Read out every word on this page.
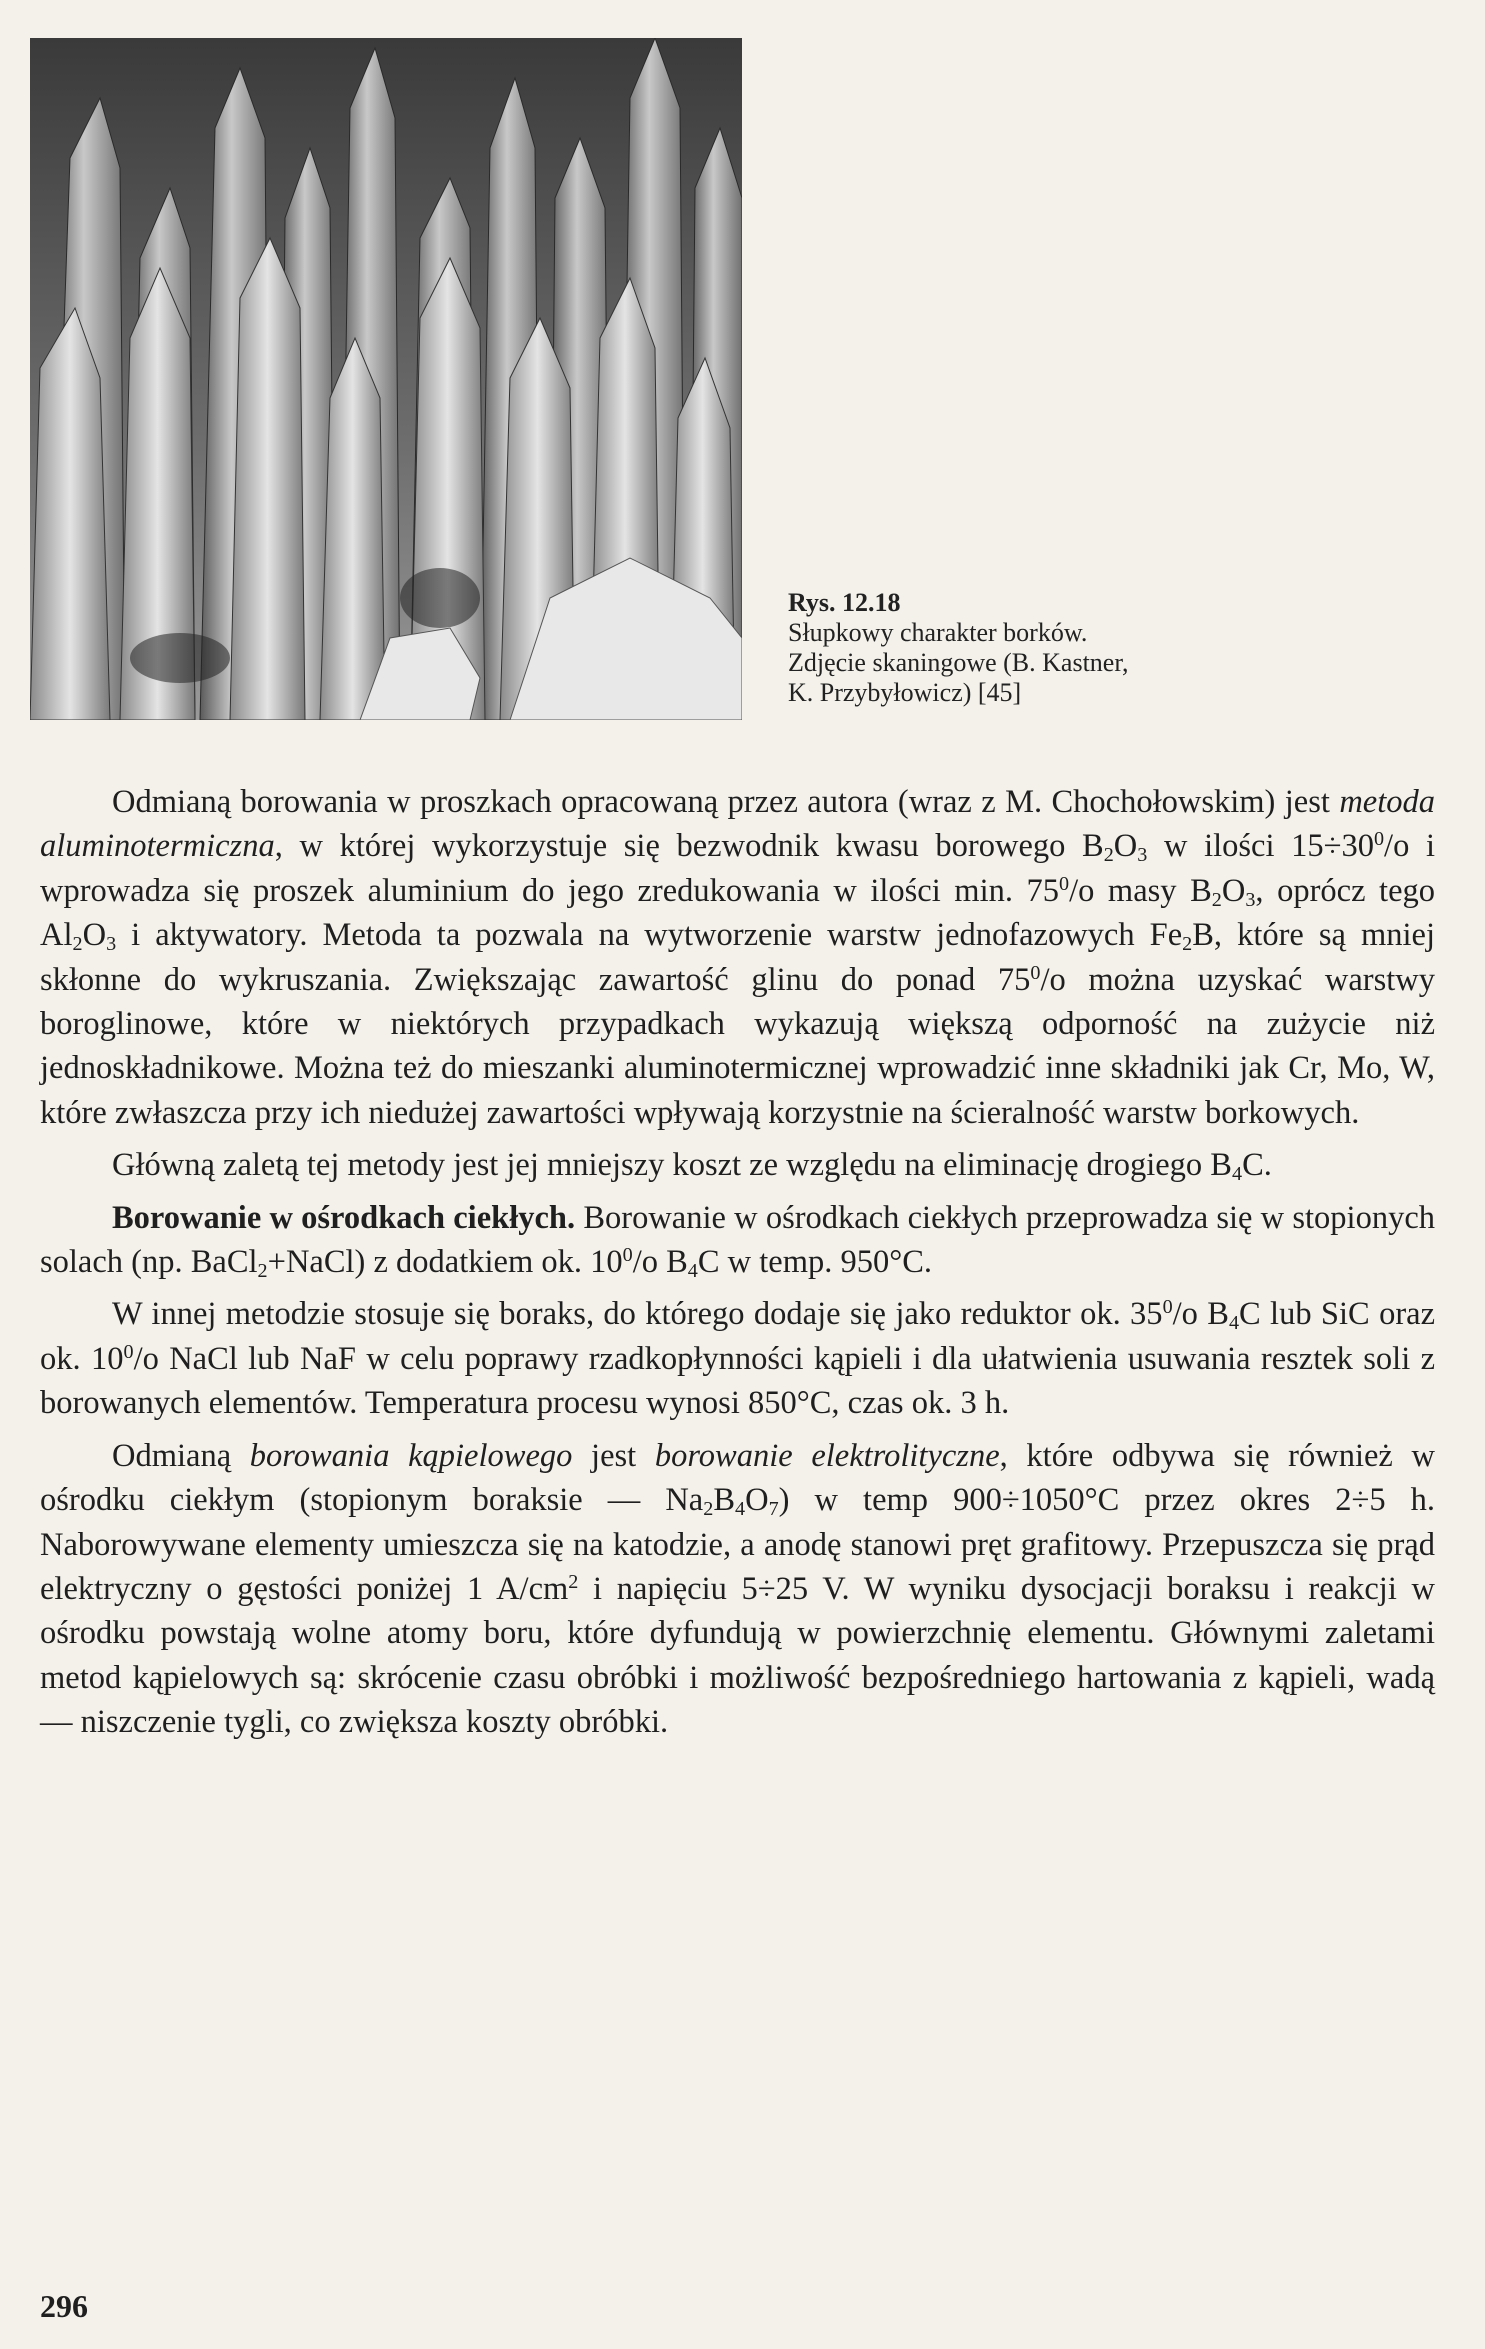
Rys. 12.18
Słupkowy charakter borków.
Zdjęcie skaningowe (B. Kastner,
K. Przybyłowicz) [45]

Odmianą borowania w proszkach opracowaną przez autora (wraz z M. Chochołowskim) jest metoda aluminotermiczna, w której wykorzystuje się bezwodnik kwasu borowego $B_2O_3$ w ilości $15\div 30^0/o$ i wprowadza się proszek aluminium do jego zredukowania w ilości min. $75^0/o$ masy $B_2O_3$, oprócz tego $Al_2O_3$ i aktywatory. Metoda ta pozwala na wytworzenie warstw jednofazowych $Fe_2B$, które są mniej skłonne do wykruszania. Zwiększając zawartość glinu do ponad $75^0/o$ można uzyskać warstwy boroglinowe, które w niektórych przypadkach wykazują większą odporność na zużycie niż jednoskładnikowe. Można też do mieszanki aluminotermicznej wprowadzić inne składniki jak Cr, Mo, W, które zwłaszcza przy ich niedużej zawartości wpływają korzystnie na ścieralność warstw borkowych.

Główną zaletą tej metody jest jej mniejszy koszt ze względu na eliminację drogiego $B_4C$.

Borowanie w ośrodkach ciekłych. Borowanie w ośrodkach ciekłych przeprowadza się w stopionych solach (np. BaCl$_2$+NaCl) z dodatkiem ok. $10^0/o$ $B_4C$ w temp. 950°C.

W innej metodzie stosuje się boraks, do którego dodaje się jako reduktor ok. $35^0/o$ $B_4C$ lub SiC oraz ok. $10^0/o$ NaCl lub NaF w celu poprawy rzadkopłynności kąpieli i dla ułatwienia usuwania resztek soli z borowanych elementów. Temperatura procesu wynosi 850°C, czas ok. 3 h.

Odmianą borowania kąpielowego jest borowanie elektrolityczne, które odbywa się również w ośrodku ciekłym (stopionym boraksie — $Na_2B_4O_7$) w temp 900÷1050°C przez okres 2÷5 h. Naborowywane elementy umieszcza się na katodzie, a anodę stanowi pręt grafitowy. Przepuszcza się prąd elektryczny o gęstości poniżej 1 $A/cm^2$ i napięciu 5÷25 V. W wyniku dysocjacji boraksu i reakcji w ośrodku powstają wolne atomy boru, które dyfundują w powierzchnię elementu. Głównymi zaletami metod kąpielowych są: skrócenie czasu obróbki i możliwość bezpośredniego hartowania z kąpieli, wadą — niszczenie tygli, co zwiększa koszty obróbki.

296
